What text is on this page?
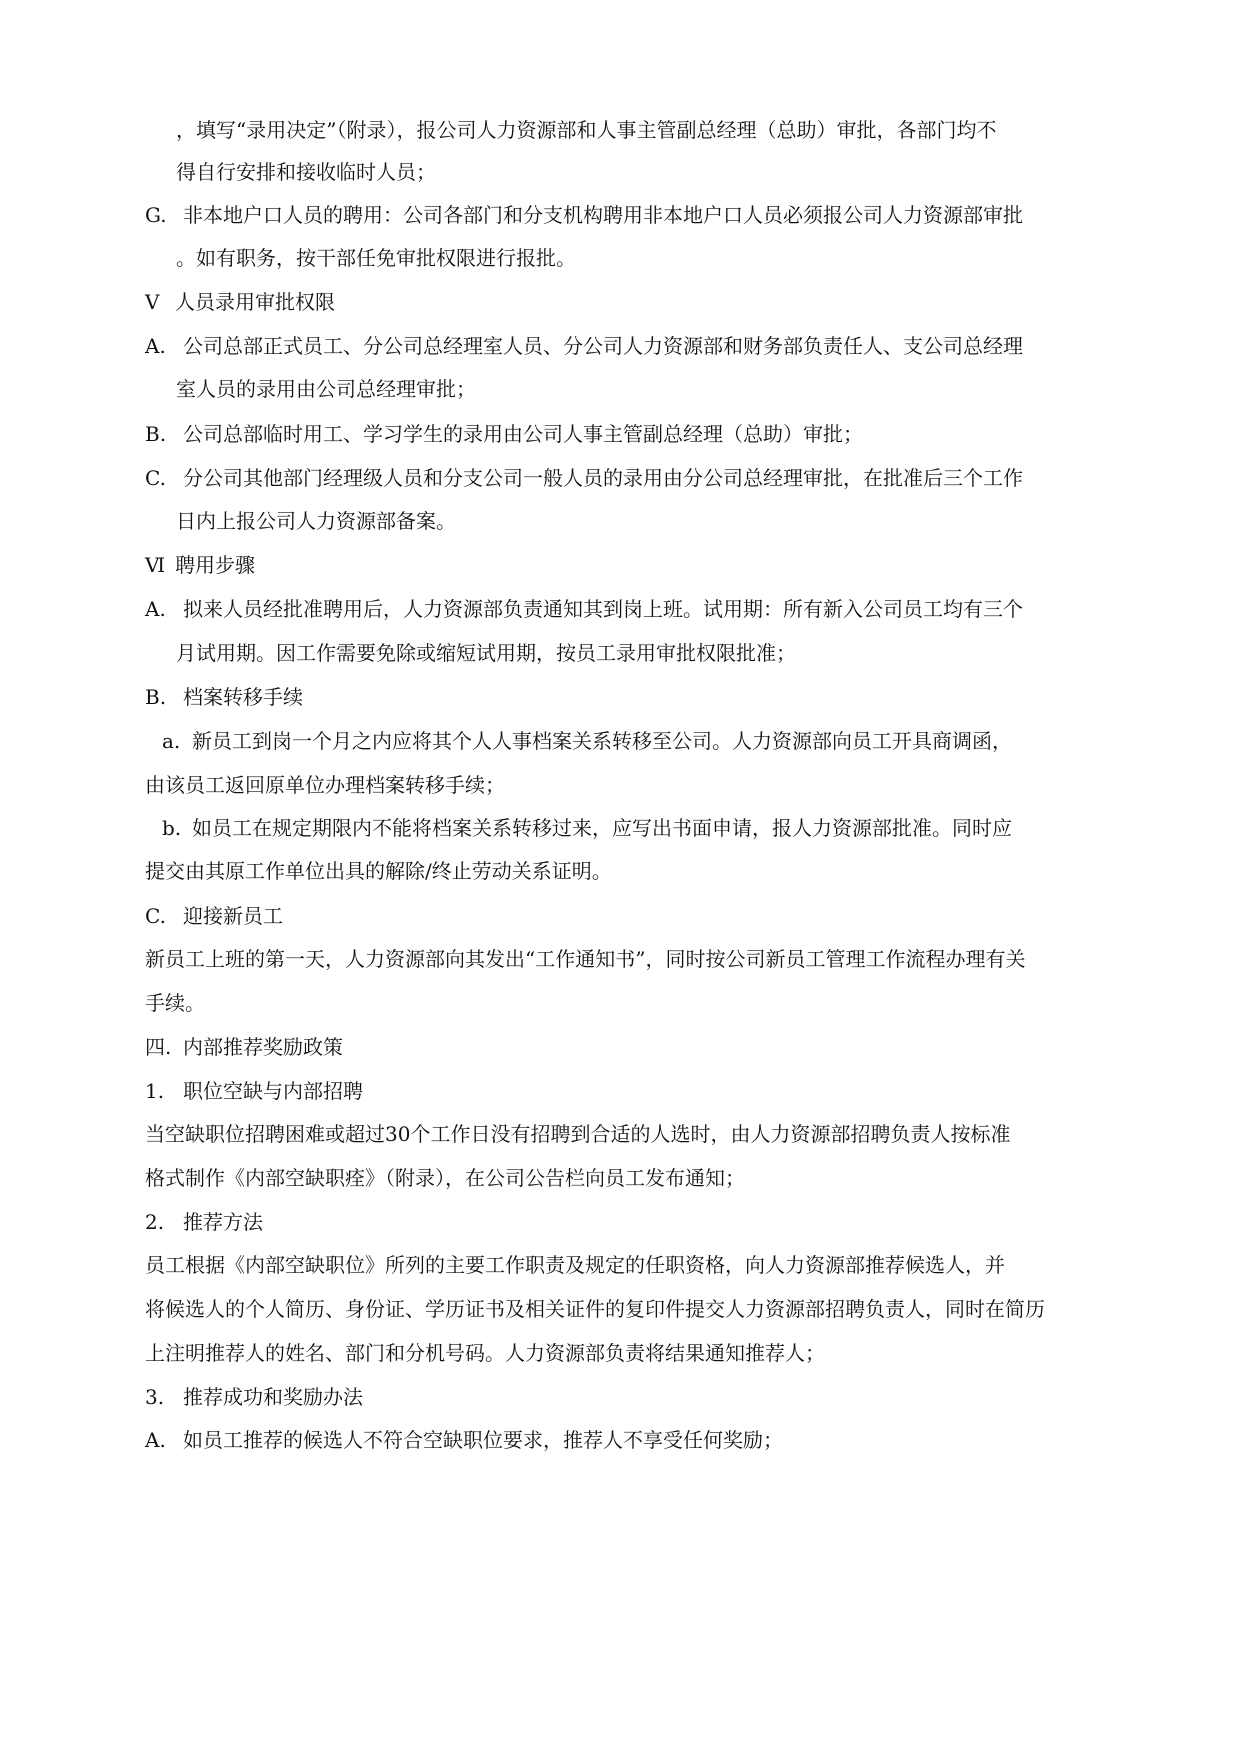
，填写“录用决定”（附录），报公司人力资源部和人事主管副总经理（总助）审批，各部门均不
得自行安排和接收临时人员；
G. 非本地户口人员的聘用：公司各部门和分支机构聘用非本地户口人员必须报公司人力资源部审批
。如有职务，按干部任免审批权限进行报批。
V 人员录用审批权限
A. 公司总部正式员工、分公司总经理室人员、分公司人力资源部和财务部负责任人、支公司总经理
室人员的录用由公司总经理审批；
B. 公司总部临时用工、学习学生的录用由公司人事主管副总经理（总助）审批；
C. 分公司其他部门经理级人员和分支公司一般人员的录用由分公司总经理审批，在批准后三个工作
日内上报公司人力资源部备案。
Ⅵ 聘用步骤
A. 拟来人员经批准聘用后，人力资源部负责通知其到岗上班。试用期：所有新入公司员工均有三个
月试用期。因工作需要免除或缩短试用期，按员工录用审批权限批准；
B. 档案转移手续
a. 新员工到岗一个月之内应将其个人人事档案关系转移至公司。人力资源部向员工开具商调函，
由该员工返回原单位办理档案转移手续；
b. 如员工在规定期限内不能将档案关系转移过来，应写出书面申请，报人力资源部批准。同时应
提交由其原工作单位出具的解除/终止劳动关系证明。
C. 迎接新员工
新员工上班的第一天，人力资源部向其发出“工作通知书”，同时按公司新员工管理工作流程办理有关
手续。
四. 内部推荐奖励政策
1. 职位空缺与内部招聘
当空缺职位招聘困难或超过30个工作日没有招聘到合适的人选时，由人力资源部招聘负责人按标准
格式制作《内部空缺职痊》（附录），在公司公告栏向员工发布通知；
2. 推荐方法
员工根据《内部空缺职位》所列的主要工作职责及规定的任职资格，向人力资源部推荐候选人，并
将候选人的个人简历、身份证、学历证书及相关证件的复印件提交人力资源部招聘负责人，同时在简历
上注明推荐人的姓名、部门和分机号码。人力资源部负责将结果通知推荐人；
3. 推荐成功和奖励办法
A. 如员工推荐的候选人不符合空缺职位要求，推荐人不享受任何奖励；
